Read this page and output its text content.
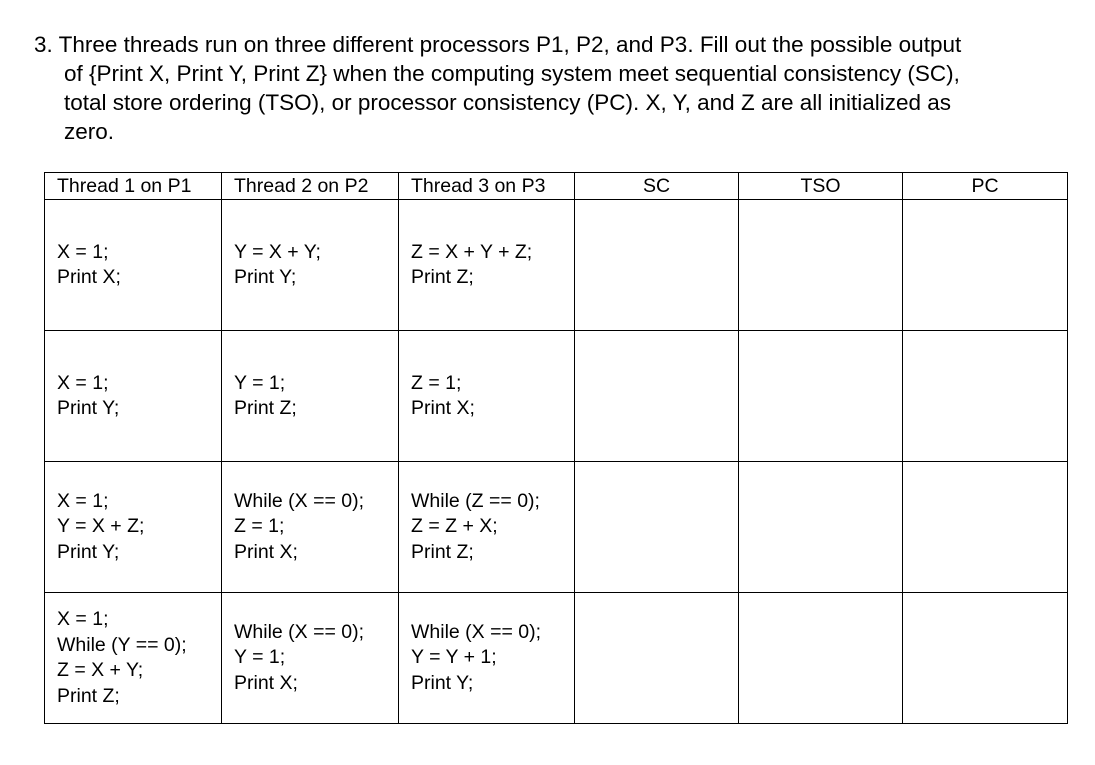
3. Three threads run on three different processors P1, P2, and P3. Fill out the possible output
of {Print X, Print Y, Print Z} when the computing system meet sequential consistency (SC),
total store ordering (TSO), or processor consistency (PC). X, Y, and Z are all initialized as
zero.
Thread 1 on P1	Thread 2 on P2	Thread 3 on P3	SC	TSO	PC

X = 1;
Print X;	Y = X + Y;
Print Y;	Z = X + Y + Z;
Print Z;			

X = 1;
Print Y;	Y = 1;
Print Z;	Z = 1;
Print X;			

X = 1;
Y = X + Z;
Print Y;	While (X == 0);
Z = 1;
Print X;	While (Z == 0);
Z = Z + X;
Print Z;			

X = 1;
While (Y == 0);
Z = X + Y;
Print Z;	While (X == 0);
Y = 1;
Print X;	While (X == 0);
Y = Y + 1;
Print Y;			
